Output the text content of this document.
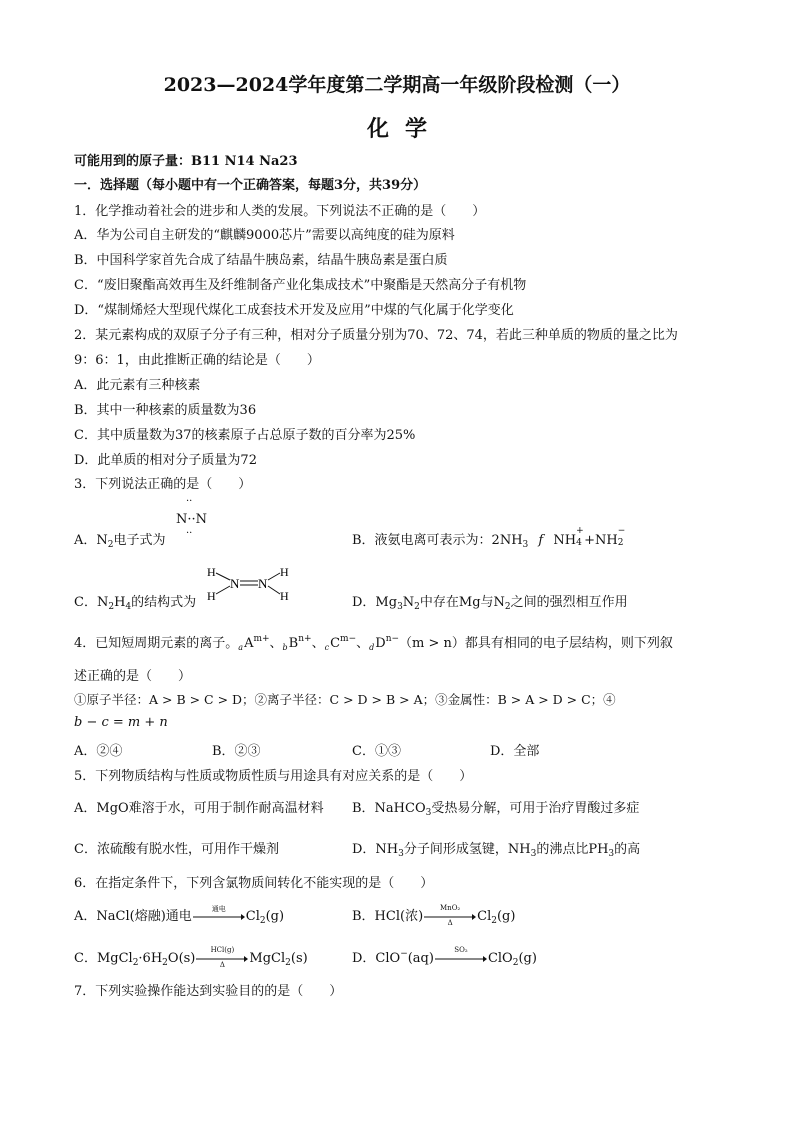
2023—2024学年度第二学期高一年级阶段检测（一）
化学
可能用到的原子量：B11 N14 Na23
一．选择题（每小题中有一个正确答案，每题3分，共39分）
1．化学推动着社会的进步和人类的发展。下列说法不正确的是（　　）
A．华为公司自主研发的“麒麟9000芯片”需要以高纯度的硅为原料
B．中国科学家首先合成了结晶牛胰岛素，结晶牛胰岛素是蛋白质
C．“废旧聚酯高效再生及纤维制备产业化集成技术”中聚酯是天然高分子有机物
D．“煤制烯烃大型现代煤化工成套技术开发及应用”中煤的气化属于化学变化
2．某元素构成的双原子分子有三种，相对分子质量分别为70、72、74，若此三种单质的物质的量之比为
9：6：1，由此推断正确的结论是（　　）
A．此元素有三种核素
B．其中一种核素的质量数为36
C．其中质量数为37的核素原子占总原子数的百分率为25%
D．此单质的相对分子质量为72
3．下列说法正确的是（　　）
A．$N_2$电子式为
··
N··N
··	B．液氨电离可表示为：$2NH_3$ f NH
+
4 +NH
−
2
C．$N_2H_4$的结构式为
H
H
N N
H
H	D．$Mg_3N_2$中存在Mg与$N_2$之间的强烈相互作用
4．已知短周期元素的离子。$_aA^{m+}$、$_bB^{n+}$、$_cC^{m-}$、$_dD^{n-}(m > n)$都具有相同的电子层结构，则下列叙
述正确的是（　　）
①原子半径：A > B > C > D；②离子半径：C > D > B > A；③金属性：B > A > D > C；④
b − c = m + n
A．②④	B．②③	C．①③	D．全部
5．下列物质结构与性质或物质性质与用途具有对应关系的是（　　）
A．MgO难溶于水，可用于制作耐高温材料 B．NaHCO$_3$受热易分解，可用于治疗胃酸过多症
C．浓硫酸有脱水性，可用作干燥剂	D．$NH_3$分子间形成氢键，$NH_3$的沸点比$PH_3$的高
6．在指定条件下，下列含氯物质间转化不能实现的是（　　）
A．NaCl(熔融)通电
通电
$Cl_2(g)$	B．HCl(浓)
MnO₂
Δ	$Cl_2(g)$
C．$MgCl_2\cdot 6H_2O(s)$
HCl(g)
Δ	MgCl$_2$(s)	D．ClO−(aq)
SO₂
ClO$_2$(g)
7．下列实验操作能达到实验目的的是（　　）
